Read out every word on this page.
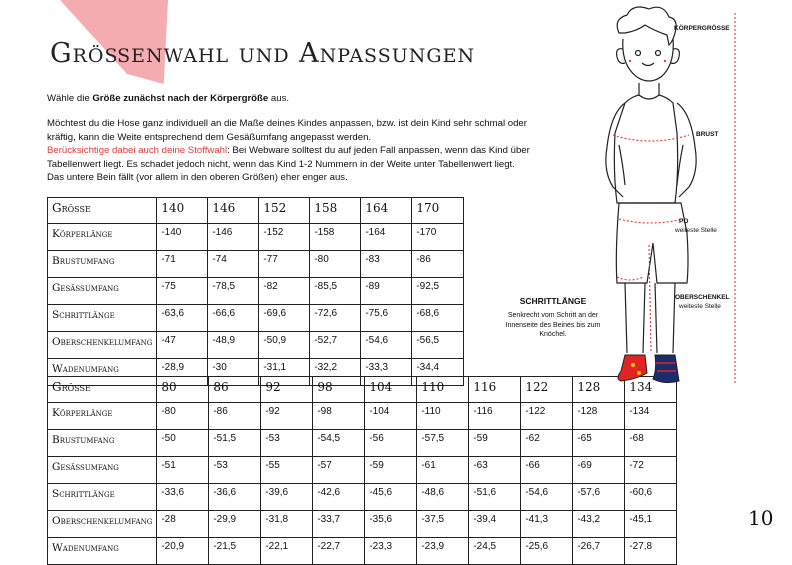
Größenwahl und Anpassungen

Wähle die Größe zunächst nach der Körpergröße aus.

Möchtest du die Hose ganz individuell an die Maße deines Kindes anpassen, bzw. ist dein Kind sehr schmal oder
kräftig, kann die Weite entsprechend dem Gesäßumfang angepasst werden.
Berücksichtige dabei auch deine Stoffwahl: Bei Webware solltest du auf jeden Fall anpassen, wenn das Kind über Tabellenwert liegt. Es schadet jedoch nicht, wenn das Kind 1-2 Nummern in der Weite unter Tabellenwert liegt.
Das untere Bein fällt (vor allem in den oberen Größen) eher enger aus.

Größe	140	146	152	158	164	170
Körperlänge	-140	-146	-152	-158	-164	-170
Brustumfang	-71	-74	-77	-80	-83	-86
Gesäßumfang	-75	-78,5	-82	-85,5	-89	-92,5
Schrittlänge	-63,6	-66,6	-69,6	-72,6	-75,6	-68,6
Oberschenkelumfang	-47	-48,9	-50,9	-52,7	-54,6	-56,5
Wadenumfang	-28,9	-30	-31,1	-32,2	-33,3	-34,4
Größe	80	86	92	98	104	110	116	122	128	134
Körperlänge	-80	-86	-92	-98	-104	-110	-116	-122	-128	-134
Brustumfang	-50	-51,5	-53	-54,5	-56	-57,5	-59	-62	-65	-68
Gesäßumfang	-51	-53	-55	-57	-59	-61	-63	-66	-69	-72
Schrittlänge	-33,6	-36,6	-39,6	-42,6	-45,6	-48,6	-51,6	-54,6	-57,6	-60,6
Oberschenkelumfang	-28	-29,9	-31,8	-33,7	-35,6	-37,5	-39,4	-41,3	-43,2	-45,1
Wadenumfang	-20,9	-21,5	-22,1	-22,7	-23,3	-23,9	-24,5	-25,6	-26,7	-27,8
KÖRPERGRÖSSE
BRUST
PO
weiteste Stelle
OBERSCHENKEL
weiteste Stelle
SCHRITTLÄNGE
Senkrecht vom Schritt an der Innenseite des Beines bis zum Knöchel.
10
